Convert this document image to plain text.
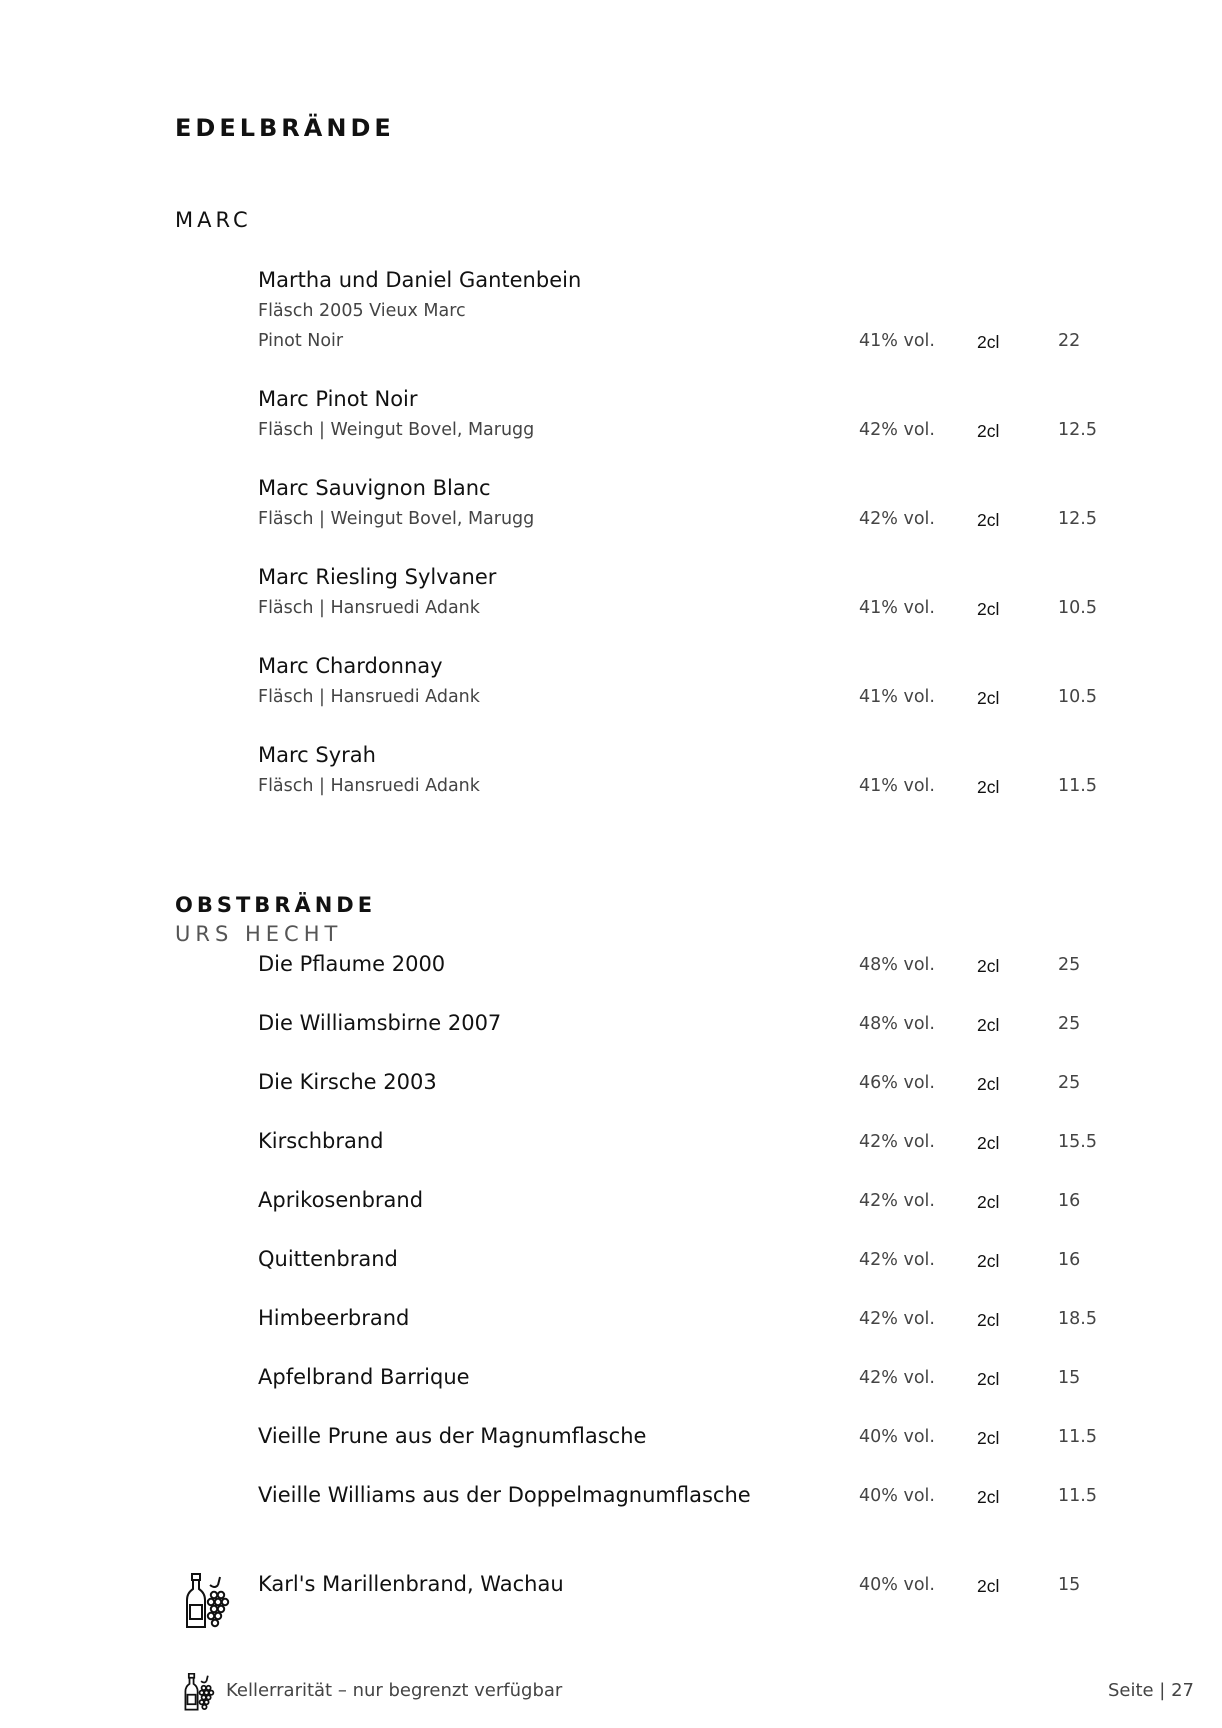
EDELBRÄNDE
MARC
Martha und Daniel Gantenbein
Fläsch 2005 Vieux Marc
Pinot Noir	41% vol. 2cl	22
Marc Pinot Noir
Fläsch | Weingut Bovel, Marugg	42% vol. 2cl	12.5
Marc Sauvignon Blanc
Fläsch | Weingut Bovel, Marugg	42% vol. 2cl	12.5
Marc Riesling Sylvaner
Fläsch | Hansruedi Adank	41% vol. 2cl	10.5
Marc Chardonnay
Fläsch | Hansruedi Adank	41% vol. 2cl	10.5
Marc Syrah
Fläsch | Hansruedi Adank	41% vol. 2cl	11.5
OBSTBRÄNDE
URS HECHT
Die Pflaume 2000	48% vol. 2cl	25
Die Williamsbirne 2007	48% vol. 2cl	25
Die Kirsche 2003	46% vol. 2cl	25
Kirschbrand	42% vol. 2cl	15.5
Aprikosenbrand	42% vol. 2cl	16
Quittenbrand	42% vol. 2cl	16
Himbeerbrand	42% vol. 2cl	18.5
Apfelbrand Barrique	42% vol. 2cl	15
Vieille Prune aus der Magnumflasche	40% vol. 2cl	11.5
Vieille Williams aus der Doppelmagnumflasche	40% vol. 2cl	11.5
Karl's Marillenbrand, Wachau	40% vol. 2cl	15
Kellerrarität – nur begrenzt verfügbar	Seite | 27
